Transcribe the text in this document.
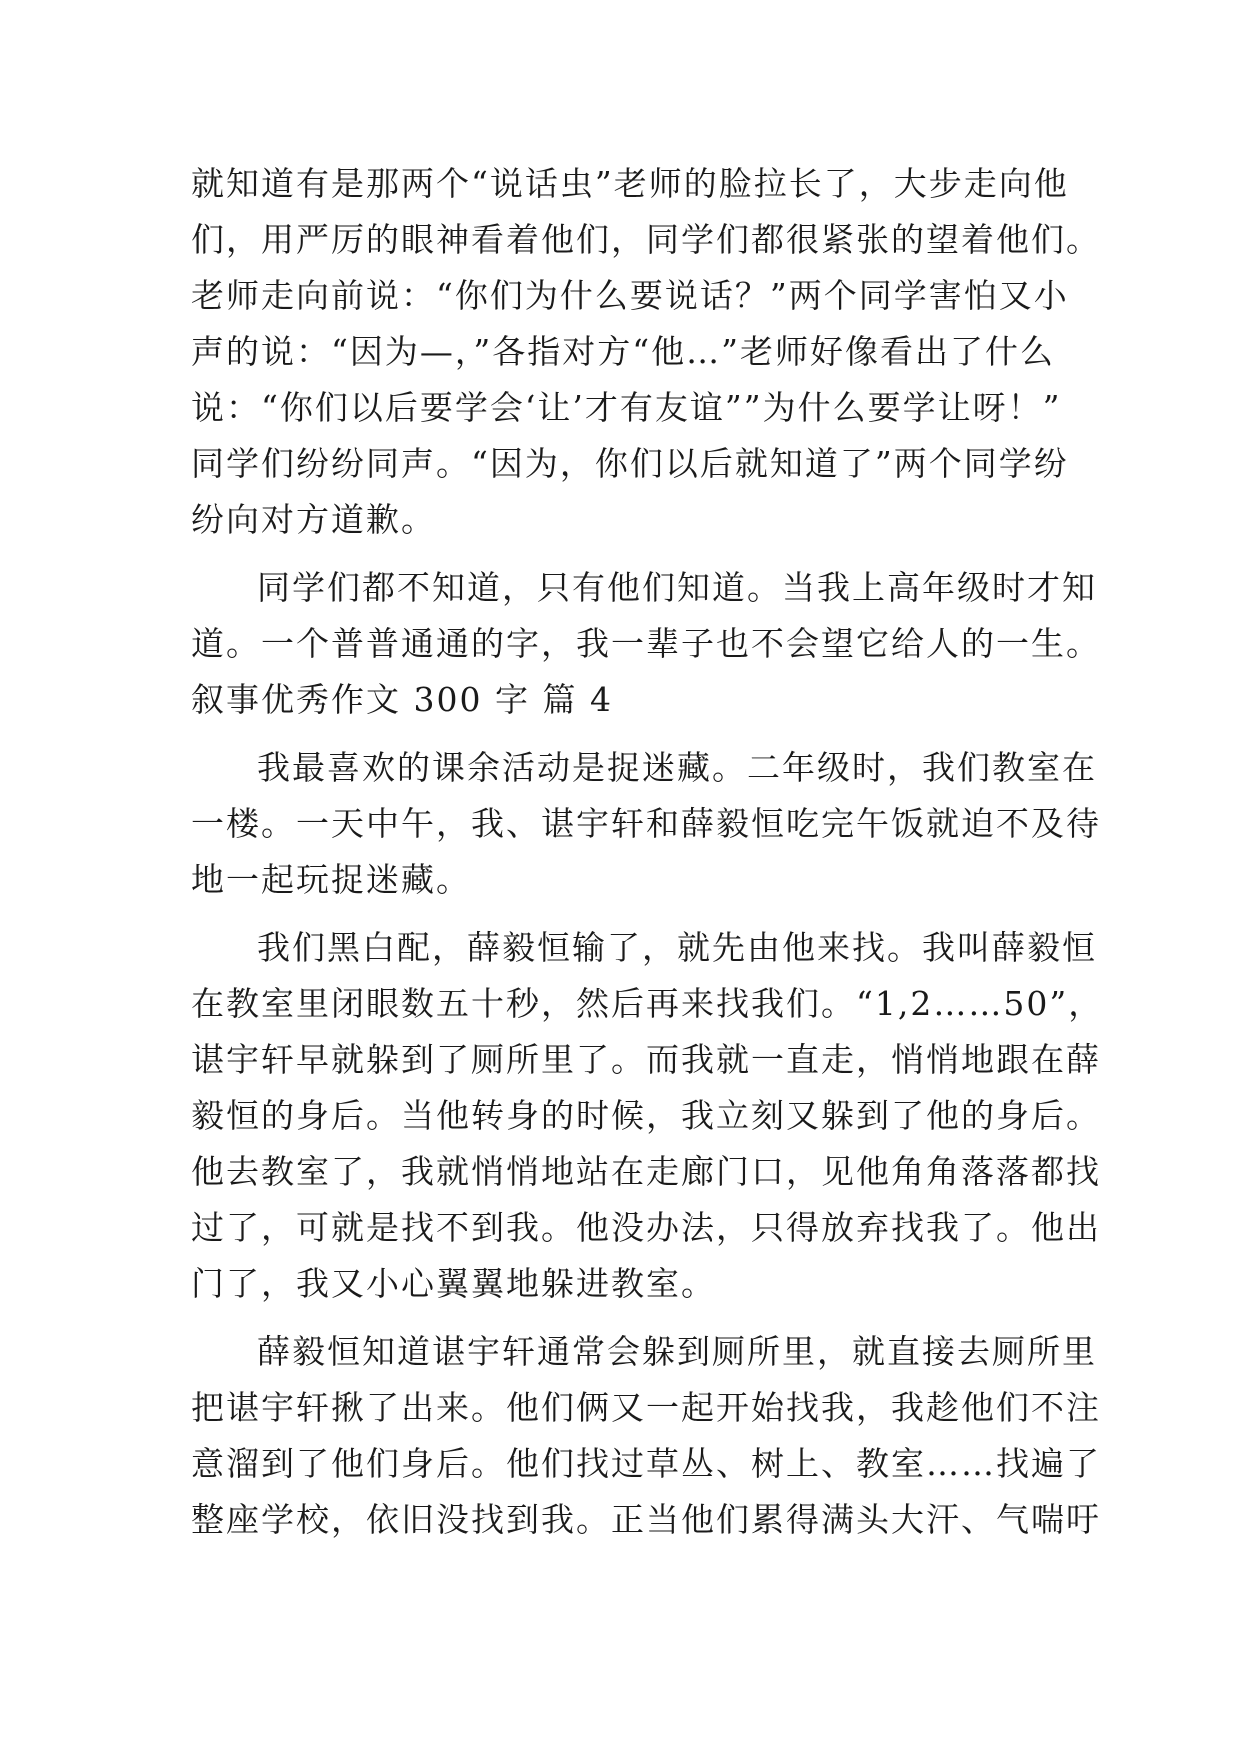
就知道有是那两个“说话虫”老师的脸拉长了，大步走向他
们，用严厉的眼神看着他们，同学们都很紧张的望着他们。
老师走向前说：“你们为什么要说话？”两个同学害怕又小
声的说：“因为—，”各指对方“他…”老师好像看出了什么
说：“你们以后要学会‘让’才有友谊””为什么要学让呀！”
同学们纷纷同声。“因为，你们以后就知道了”两个同学纷
纷向对方道歉。
同学们都不知道，只有他们知道。当我上高年级时才知
道。一个普普通通的字，我一辈子也不会望它给人的一生。
叙事优秀作文 300 字 篇 4
我最喜欢的课余活动是捉迷藏。二年级时，我们教室在
一楼。一天中午，我、谌宇轩和薛毅恒吃完午饭就迫不及待
地一起玩捉迷藏。
我们黑白配，薛毅恒输了，就先由他来找。我叫薛毅恒
在教室里闭眼数五十秒，然后再来找我们。“1,2……50”，
谌宇轩早就躲到了厕所里了。而我就一直走，悄悄地跟在薛
毅恒的身后。当他转身的时候，我立刻又躲到了他的身后。
他去教室了，我就悄悄地站在走廊门口，见他角角落落都找
过了，可就是找不到我。他没办法，只得放弃找我了。他出
门了，我又小心翼翼地躲进教室。
薛毅恒知道谌宇轩通常会躲到厕所里，就直接去厕所里
把谌宇轩揪了出来。他们俩又一起开始找我，我趁他们不注
意溜到了他们身后。他们找过草丛、树上、教室……找遍了
整座学校，依旧没找到我。正当他们累得满头大汗、气喘吁
